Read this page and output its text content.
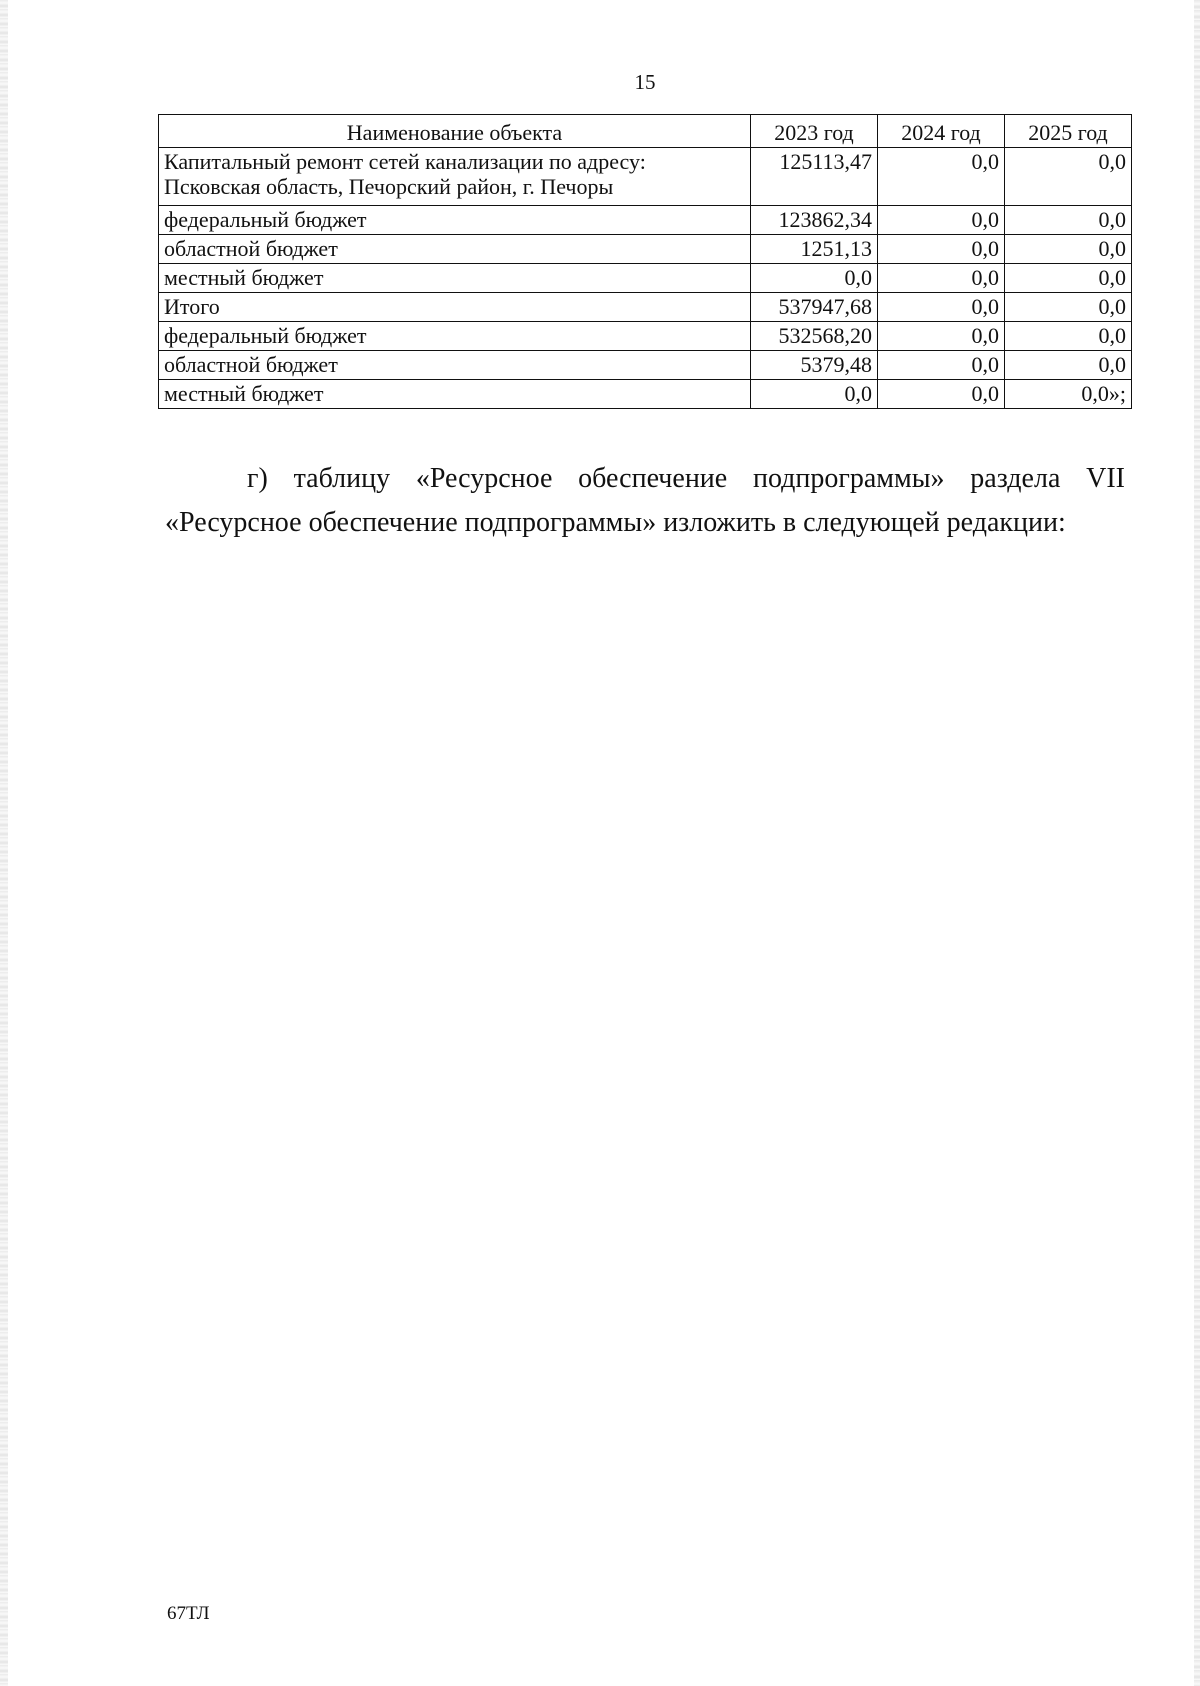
15
Наименование объекта	2023 год	2024 год	2025 год
Капитальный ремонт сетей канализации по адресу:
Псковская область, Печорский район, г. Печоры	125113,47	0,0	0,0
федеральный бюджет	123862,34	0,0	0,0
областной бюджет	1251,13	0,0	0,0
местный бюджет	0,0	0,0	0,0
Итого	537947,68	0,0	0,0
федеральный бюджет	532568,20	0,0	0,0
областной бюджет	5379,48	0,0	0,0
местный бюджет	0,0	0,0	0,0»;
г) таблицу «Ресурсное обеспечение подпрограммы» раздела VII «Ресурсное обеспечение подпрограммы» изложить в следующей редакции:
67ТЛ
